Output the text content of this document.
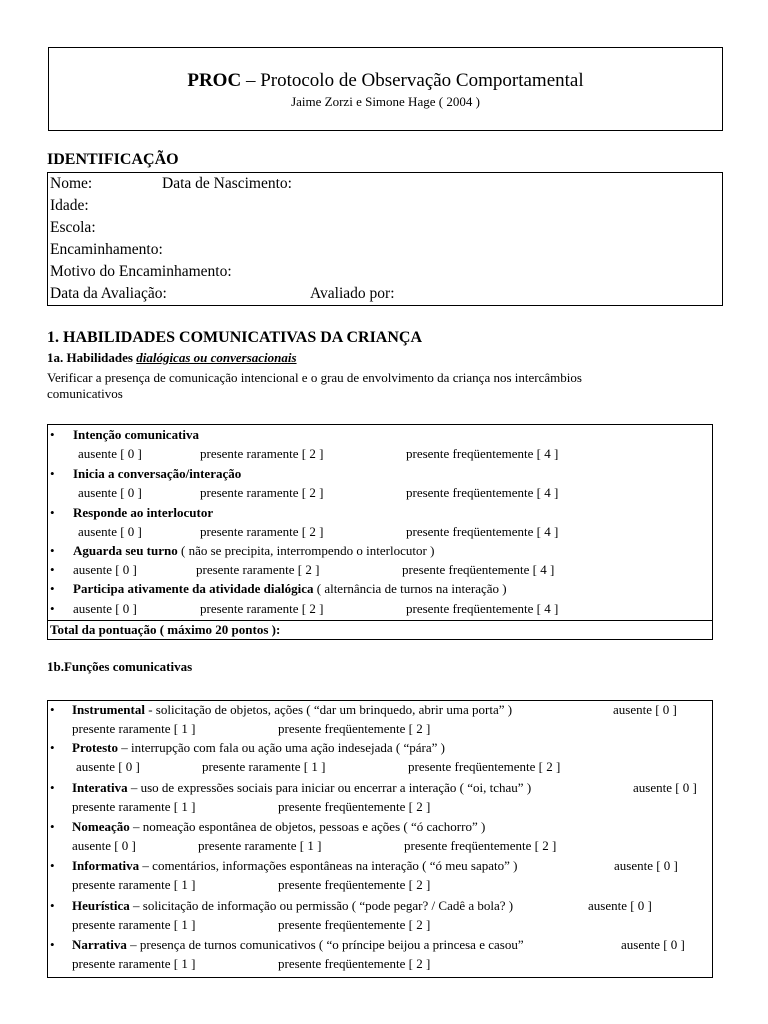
PROC – Protocolo de Observação Comportamental
Jaime Zorzi e Simone Hage ( 2004 )
IDENTIFICAÇÃO
Nome:	Data de Nascimento:
Idade:
Escola:
Encaminhamento:
Motivo do Encaminhamento:
Data da Avaliação:	Avaliado por:
1. HABILIDADES COMUNICATIVAS DA CRIANÇA
1a. Habilidades dialógicas ou conversacionais
Verificar a presença de comunicação intencional e o grau de envolvimento da criança nos intercâmbios
comunicativos
• Intenção comunicativa
ausente [ 0 ]	presente raramente [ 2 ]	presente freqüentemente [ 4 ]
• Inicia a conversação/interação
ausente [ 0 ]	presente raramente [ 2 ]	presente freqüentemente [ 4 ]
• Responde ao interlocutor
ausente [ 0 ]	presente raramente [ 2 ]	presente freqüentemente [ 4 ]
• Aguarda seu turno ( não se precipita, interrompendo o interlocutor )
• ausente [ 0 ]	presente raramente [ 2 ]	presente freqüentemente [ 4 ]
• Participa ativamente da atividade dialógica ( alternância de turnos na interação )
• ausente [ 0 ]	presente raramente [ 2 ]	presente freqüentemente [ 4 ]
Total da pontuação ( máximo 20 pontos ):
1b.Funções comunicativas
• Instrumental - solicitação de objetos, ações ( “dar um brinquedo, abrir uma porta” )	ausente [ 0 ]
presente raramente [ 1 ]	presente freqüentemente [ 2 ]
• Protesto – interrupção com fala ou ação uma ação indesejada ( “pára” )
ausente [ 0 ]	presente raramente [ 1 ]	presente freqüentemente [ 2 ]
• Interativa – uso de expressões sociais para iniciar ou encerrar a interação ( “oi, tchau” )	ausente [ 0 ]
presente raramente [ 1 ]	presente freqüentemente [ 2 ]
• Nomeação – nomeação espontânea de objetos, pessoas e ações ( “ó cachorro” )
ausente [ 0 ]	presente raramente [ 1 ]	presente freqüentemente [ 2 ]
• Informativa – comentários, informações espontâneas na interação ( “ó meu sapato” )	ausente [ 0 ]
presente raramente [ 1 ]	presente freqüentemente [ 2 ]
• Heurística – solicitação de informação ou permissão ( “pode pegar? / Cadê a bola? )	ausente [ 0 ]
presente raramente [ 1 ]	presente freqüentemente [ 2 ]
• Narrativa – presença de turnos comunicativos ( “o príncipe beijou a princesa e casou”	ausente [ 0 ]
presente raramente [ 1 ]	presente freqüentemente [ 2 ]
